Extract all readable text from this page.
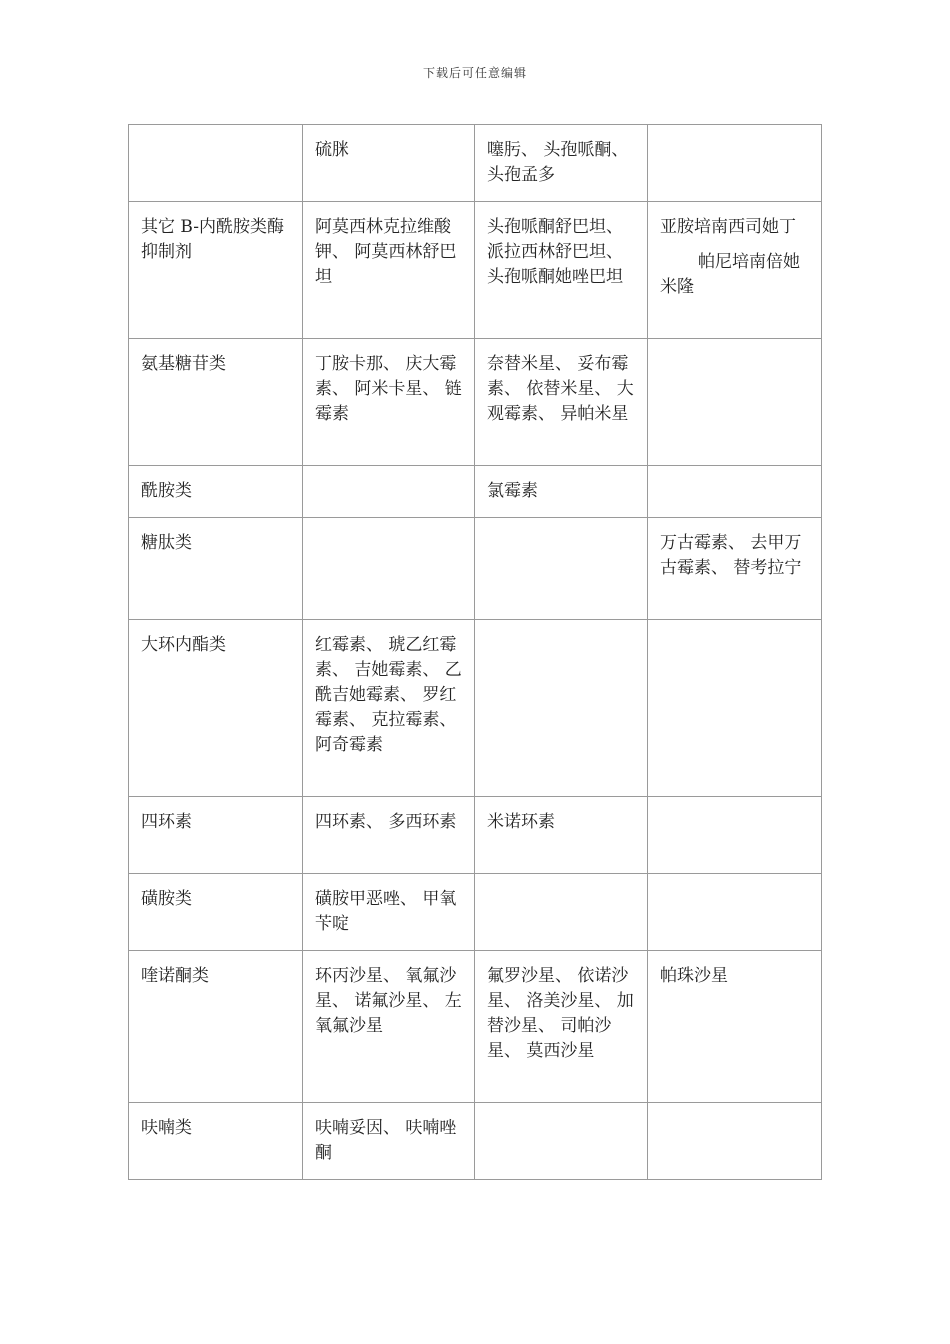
下载后可任意编辑
	硫脒	噻肟、 头孢哌酮、 头孢孟多	
其它 B-内酰胺类酶抑制剂	阿莫西林克拉维酸钾、 阿莫西林舒巴坦	头孢哌酮舒巴坦、 派拉西林舒巴坦、 头孢哌酮她唑巴坦	亚胺培南西司她丁
帕尼培南倍她米隆

氨基糖苷类	丁胺卡那、 庆大霉素、 阿米卡星、 链霉素	奈替米星、 妥布霉素、 依替米星、 大观霉素、 异帕米星	
酰胺类		氯霉素	
糖肽类			万古霉素、 去甲万古霉素、 替考拉宁
大环内酯类	红霉素、 琥乙红霉素、 吉她霉素、 乙酰吉她霉素、 罗红霉素、 克拉霉素、 阿奇霉素		
四环素	四环素、 多西环素	米诺环素	
磺胺类	磺胺甲恶唑、 甲氧苄啶		
喹诺酮类	环丙沙星、 氧氟沙星、 诺氟沙星、 左氧氟沙星	氟罗沙星、 依诺沙星、 洛美沙星、 加替沙星、 司帕沙星、 莫西沙星	帕珠沙星
呋喃类	呋喃妥因、 呋喃唑酮		
